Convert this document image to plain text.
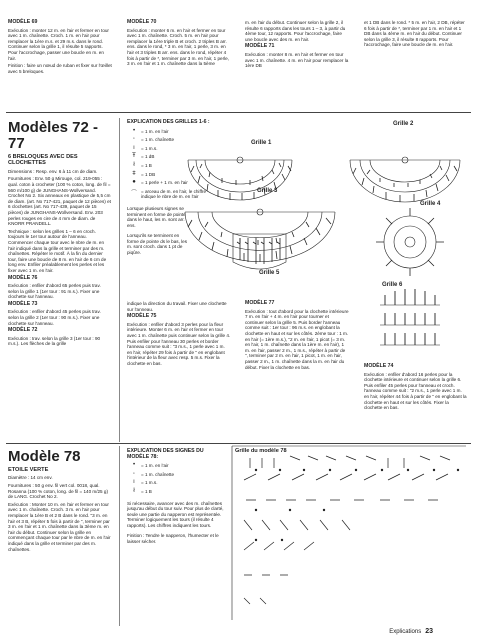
MODÈLE 69

Exécution : monter 12 m. en l'air et fermer en tour avec 1 m. chaînette. Croch. 1 m. en l'air pour remplacer la 1ère m.s. et 29 m.s. dans le rond. Continuer selon la grille 1, il résulte 5 rapports. Pour l'accrochage, passer une boucle en m. en l'air.

Finition : faire un nœud de ruban et fixer sur l'œillet avec 5 breloques.

MODÈLE 70

Exécution : monter 6 m. en l'air et fermer en tour avec 1 m. chaînette. Croch. 5 m. en l'air pour remplacer la 1ère triple B et croch. 2 triples B arr. ens. dans le rond, * 3 m. en l'air, 1 perle, 3 m. en l'air et 3 triples B arr. ens. dans le rond, répéter 4 fois à partir de *, terminer par 3 m. en l'air, 1 perle, 3 m. en l'air et 1 m. chaînette dans la 5ème

m. en l'air du début. Continuer selon la grille 2, il résulte 6 rapports dans les tours 1 – 3, à partir du 4ème tour, 12 rapports. Pour l'accrochage, faire une boucle avec des m. en l'air.

MODÈLE 71

Exécution : monter 8 m. en l'air et fermer en tour avec 1 m. chaînette. 4 m. en l'air pour remplacer la 1ère DB

et 1 DB dans le rond. * 5 m. en l'air, 2 DB, répéter 6 fois à partir de *, terminer par 1 m. en l'air et 1 DB dans la 4ème m. en l'air du début. Continuer selon la grille 3, il résulte 8 rapports. Pour l'accrochage, faire une boucle de m. en l'air.

Modèles 72 - 77

6 BRELOQUES AVEC DES CLOCHETTES

Dimensions : Resp. env. 6 à 11 cm de diam.

Fournitures : Env. 50 g Mirouge, col. 219-055 : qual. coton à crocheter (100 % coton, long. de fil = 560 m/100 g) de JUNGHANS-Wollversand. Crochet No 2. Six anneaux en plastique de 5,5 cm de diam. (art. No 717-421, paquet de 12 pièces) et 6 clochettes (art. No 717-439, paquet de 15 pièces) de JUNGHANS-Wollversand. Env. 203 perles rouges en cire de 4 mm de diam. de KNORR PRANDELL.

Technique : selon les grilles 1 – 6 en croch. toujours le 1er tour autour de l'anneau. Commencer chaque tour avec le nbre de m. en l'air indiqué dans la grille et terminer par des m. chaînettes. Répéter le motif. À la fin du dernier tour, faire une boucle de 8 m. en l'air de 6 cm de long env. Enfiler préalablement les perles et les fixer avec 1 m. en l'air.

MODÈLE 76

Exécution : enfiler d'abord 65 perles puis trav. selon la grille 1 (1er tour : 91 m.s.). Fixer une clochette sur l'anneau.

MODÈLE 73

Exécution : enfiler d'abord 45 perles puis trav. selon la grille 2 (1er tour : 90 m.s.). Fixer une clochette sur l'anneau.

MODÈLE 72

Exécution : trav. selon la grille 3 (1er tour : 90 m.s.). Les flèches de la grille

EXPLICATION DES GRILLES 1-6 :

•	= 1 m. en l'air
◦	= 1 m. chaînette
ı	= 1 m.s.
Ŧ	= 1 dB
ł	= 1 B
ǂ	= 1 DB
●	= 1 perle + 1 m. en l'air
⌒ = arceau de m. en l'air, le chiffre indique le nbre de m. en l'air

Lorsque plusieurs signes se terminent en forme de pointe dans le haut, les m. sont arr. ens.

Lorsqu'ils se terminent en forme de pointe ds le bas, les m. sont croch. dans 1 pt de piqûre.

Grille 1
Grille 2
Grille 3
Grille 4
Grille 5
Grille 6

indique la direction du travail. Fixer une clochette sur l'anneau.

MODÈLE 75

Exécution : enfiler d'abord 3 perles pour la fleur intérieure. Monter 6 m. en l'air et fermer en tour avec 1 m. chaînette puis continuer selon la grille 4. Puis enfiler pour l'anneau 30 perles et border l'anneau comme suit : "3 m.s., 1 perle avec 1 m. en l'air, répéter 29 fois à partir de " en englobant l'intérieur de la fleur avec resp. 5 m.s. Fixer la clochette en bas.

MODÈLE 77

Exécution : tout d'abord pour la clochette intérieure 7 m. en l'air + 4 m. en l'air pour tourner et continuer selon la grille 5. Puis border l'anneau comme suit : 1er tour : 96 m.s. en englobant la clochette en haut et sur les côtés. 2ème tour : 1 m. en l'air (= 1ère m.s.), "2 m. en l'air, 1 picot (= 3 m. en l'air, 1 m. chaînette dans la 1ère m. en l'air), 1 m. en l'air, passer 2 m., 1 m.s., répéter à partir de ", terminer par 2 m. en l'air, 1 picot, 1 m. en l'air, passer 2 m., 1 m. chaînette dans la m. en l'air du début. Fixer la clochette en bas.	MODÈLE 74

Exécution : enfiler d'abord 16 perles pour la clochette intérieure et continuer selon la grille 6. Puis enfiler 45 perles pour l'anneau et croch. l'anneau comme suit : "2 m.s., 1 perle avec 1 m. en l'air, répéter 44 fois à partir de " en englobant la clochette en haut et sur les côtés. Fixer la clochette en bas.

Modèle 78

ETOILE VERTE

Diamètre : 14 cm env.

Fournitures : 50 g env. fil vert col. 0018, qual. Rosanna (100 % coton, long. de fil = 140 m/25 g) de LANG. Crochet No 2.

Exécution : Monter 10 m. en l'air et fermer en tour avec 1 m. chaînette. Croch. 3 m. en l'air pour remplacer la 1ère B et 2 B dans le rond. "3 m. en l'air et 3 B, répéter 5 fois à partir de ", terminer par 3 m. en l'air et 1 m. chaînette dans la 3ème m. en l'air du début. Continuer selon la grille en commençant chaque tour par le nbre de m. en l'air indiqué dans la grille et terminer par des m. chaînettes.

EXPLICATION DES SIGNES DU MODÈLE 78:

•	= 1 m. en l'air
◦	= 1 m. chaînette
ı	= 1 m.s.
ł	= 1 B

Si nécessaire, avancer avec des m. chaînettes jusqu'au début du tour suiv. Pour plus de clarté, seule une partie du napperon est représentée. Terminer logiquement les tours (il résulte 4 rapports). Les chiffres indiquent les tours.

Finition : Tendre le napperon, l'humecter et le laisser sécher.

Grille du modèle 78
Explications 23
